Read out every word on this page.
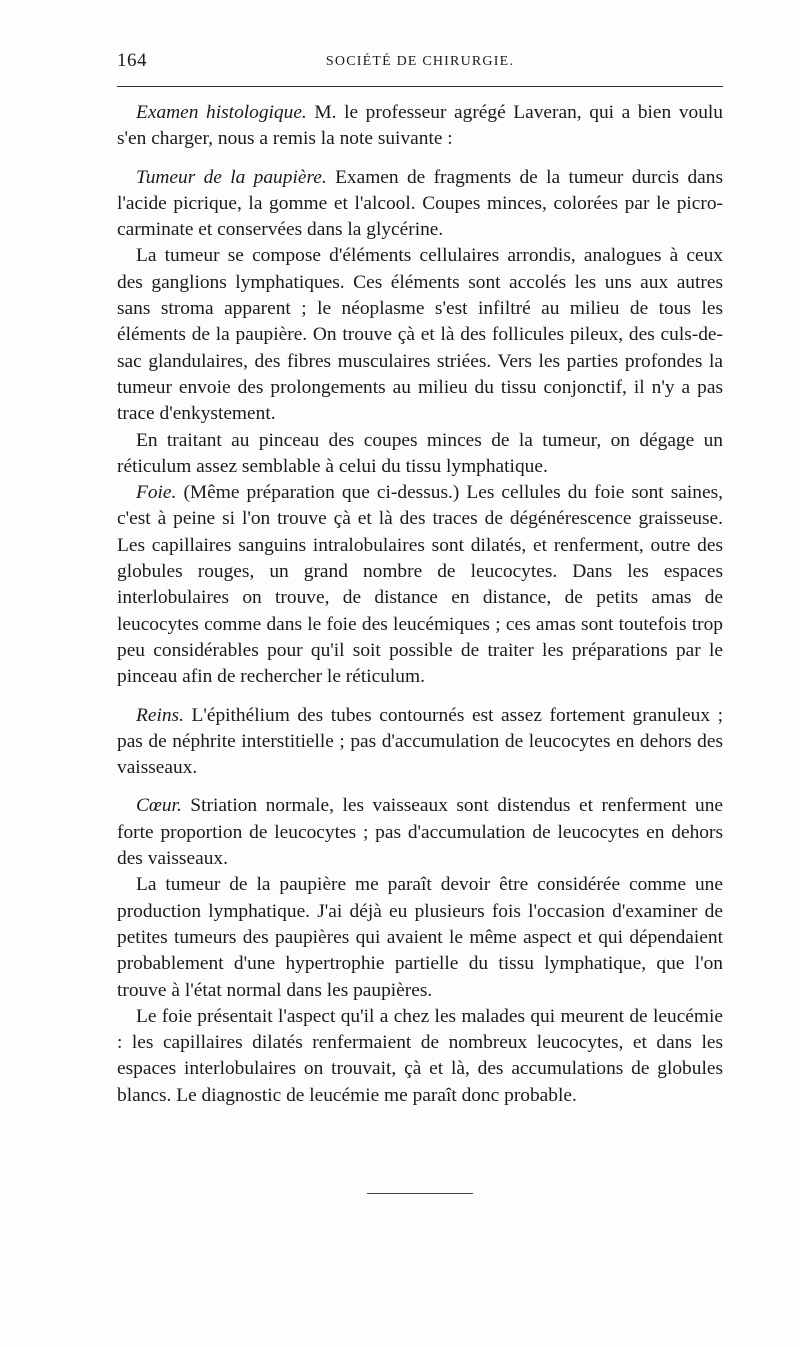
164	SOCIÉTÉ DE CHIRURGIE.

Examen histologique. M. le professeur agrégé Laveran, qui a bien voulu s'en charger, nous a remis la note suivante :

Tumeur de la paupière. Examen de fragments de la tumeur durcis dans l'acide picrique, la gomme et l'alcool. Coupes minces, colorées par le picro-carminate et conservées dans la glycérine.

La tumeur se compose d'éléments cellulaires arrondis, analogues à ceux des ganglions lymphatiques. Ces éléments sont accolés les uns aux autres sans stroma apparent ; le néoplasme s'est infiltré au milieu de tous les éléments de la paupière. On trouve çà et là des follicules pileux, des culs-de-sac glandulaires, des fibres musculaires striées. Vers les parties profondes la tumeur envoie des prolongements au milieu du tissu conjonctif, il n'y a pas trace d'enkystement.

En traitant au pinceau des coupes minces de la tumeur, on dégage un réticulum assez semblable à celui du tissu lymphatique.

Foie. (Même préparation que ci-dessus.) Les cellules du foie sont saines, c'est à peine si l'on trouve çà et là des traces de dégénérescence graisseuse. Les capillaires sanguins intralobulaires sont dilatés, et renferment, outre des globules rouges, un grand nombre de leucocytes. Dans les espaces interlobulaires on trouve, de distance en distance, de petits amas de leucocytes comme dans le foie des leucémiques ; ces amas sont toutefois trop peu considérables pour qu'il soit possible de traiter les préparations par le pinceau afin de rechercher le réticulum.

Reins. L'épithélium des tubes contournés est assez fortement granuleux ; pas de néphrite interstitielle ; pas d'accumulation de leucocytes en dehors des vaisseaux.

Cœur. Striation normale, les vaisseaux sont distendus et renferment une forte proportion de leucocytes ; pas d'accumulation de leucocytes en dehors des vaisseaux.

La tumeur de la paupière me paraît devoir être considérée comme une production lymphatique. J'ai déjà eu plusieurs fois l'occasion d'examiner de petites tumeurs des paupières qui avaient le même aspect et qui dépendaient probablement d'une hypertrophie partielle du tissu lymphatique, que l'on trouve à l'état normal dans les paupières.

Le foie présentait l'aspect qu'il a chez les malades qui meurent de leucémie : les capillaires dilatés renfermaient de nombreux leucocytes, et dans les espaces interlobulaires on trouvait, çà et là, des accumulations de globules blancs. Le diagnostic de leucémie me paraît donc probable.
